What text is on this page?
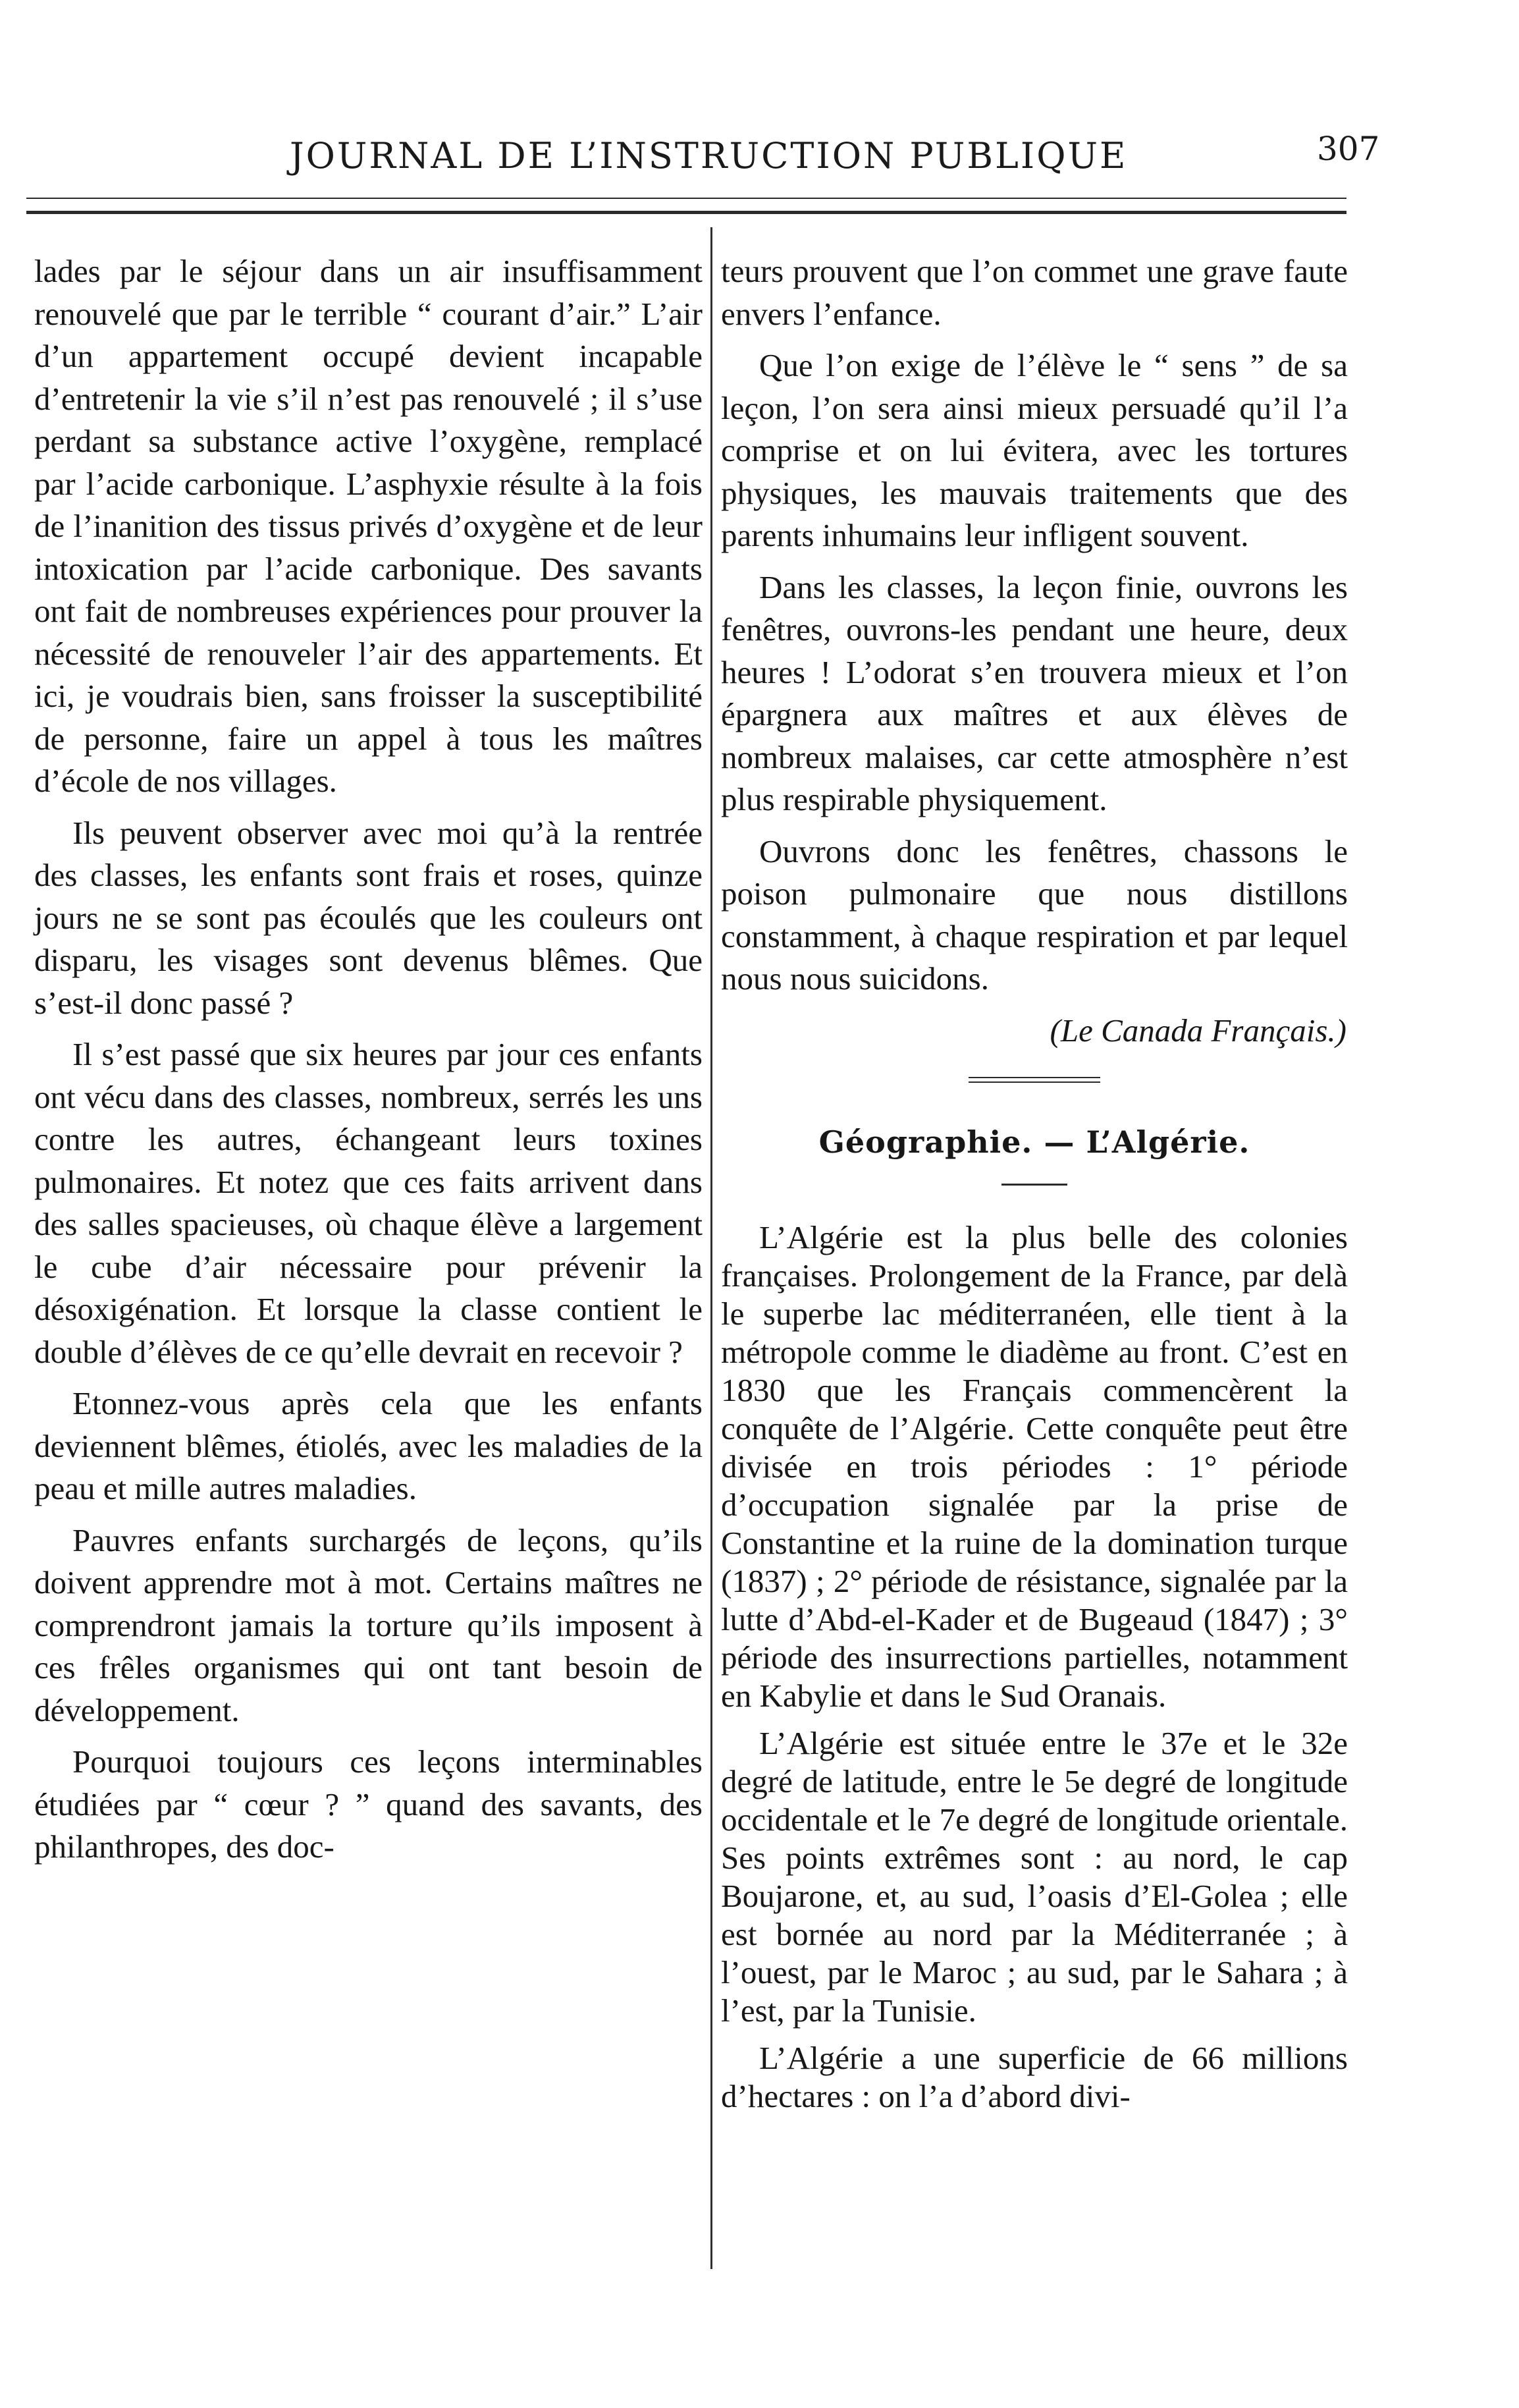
JOURNAL DE L’INSTRUCTION PUBLIQUE	307

lades par le séjour dans un air insuffisamment renouvelé que par le terrible “ courant d’air.” L’air d’un appartement occupé devient incapable d’entretenir la vie s’il n’est pas renouvelé ; il s’use perdant sa substance active l’oxygène, remplacé par l’acide carbonique. L’asphyxie résulte à la fois de l’inanition des tissus privés d’oxygène et de leur intoxication par l’acide carbonique. Des savants ont fait de nombreuses expériences pour prouver la nécessité de renouveler l’air des appartements. Et ici, je voudrais bien, sans froisser la susceptibilité de personne, faire un appel à tous les maîtres d’école de nos villages.

Ils peuvent observer avec moi qu’à la rentrée des classes, les enfants sont frais et roses, quinze jours ne se sont pas écoulés que les couleurs ont disparu, les visages sont devenus blêmes. Que s’est-il donc passé ?

Il s’est passé que six heures par jour ces enfants ont vécu dans des classes, nombreux, serrés les uns contre les autres, échangeant leurs toxines pulmonaires. Et notez que ces faits arrivent dans des salles spacieuses, où chaque élève a largement le cube d’air nécessaire pour prévenir la désoxigénation. Et lorsque la classe contient le double d’élèves de ce qu’elle devrait en recevoir ?

Etonnez-vous après cela que les enfants deviennent blêmes, étiolés, avec les maladies de la peau et mille autres maladies.

Pauvres enfants surchargés de leçons, qu’ils doivent apprendre mot à mot. Certains maîtres ne comprendront jamais la torture qu’ils imposent à ces frêles organismes qui ont tant besoin de développement.

Pourquoi toujours ces leçons interminables étudiées par “ cœur ? ” quand des savants, des philanthropes, des doc-

teurs prouvent que l’on commet une grave faute envers l’enfance.

Que l’on exige de l’élève le “ sens ” de sa leçon, l’on sera ainsi mieux persuadé qu’il l’a comprise et on lui évitera, avec les tortures physiques, les mauvais traitements que des parents inhumains leur infligent souvent.

Dans les classes, la leçon finie, ouvrons les fenêtres, ouvrons-les pendant une heure, deux heures ! L’odorat s’en trouvera mieux et l’on épargnera aux maîtres et aux élèves de nombreux malaises, car cette atmosphère n’est plus respirable physiquement.

Ouvrons donc les fenêtres, chassons le poison pulmonaire que nous distillons constamment, à chaque respiration et par lequel nous nous suicidons.

(Le Canada Français.)

Géographie. — L’Algérie.

L’Algérie est la plus belle des colonies françaises. Prolongement de la France, par delà le superbe lac méditerranéen, elle tient à la métropole comme le diadème au front. C’est en 1830 que les Français commencèrent la conquête de l’Algérie. Cette conquête peut être divisée en trois périodes : 1° période d’occupation signalée par la prise de Constantine et la ruine de la domination turque (1837) ; 2° période de résistance, signalée par la lutte d’Abd-el-Kader et de Bugeaud (1847) ; 3° période des insurrections partielles, notamment en Kabylie et dans le Sud Oranais.

L’Algérie est située entre le 37e et le 32e degré de latitude, entre le 5e degré de longitude occidentale et le 7e degré de longitude orientale. Ses points extrêmes sont : au nord, le cap Boujarone, et, au sud, l’oasis d’El-Golea ; elle est bornée au nord par la Méditerranée ; à l’ouest, par le Maroc ; au sud, par le Sahara ; à l’est, par la Tunisie.

L’Algérie a une superficie de 66 millions d’hectares : on l’a d’abord divi-
